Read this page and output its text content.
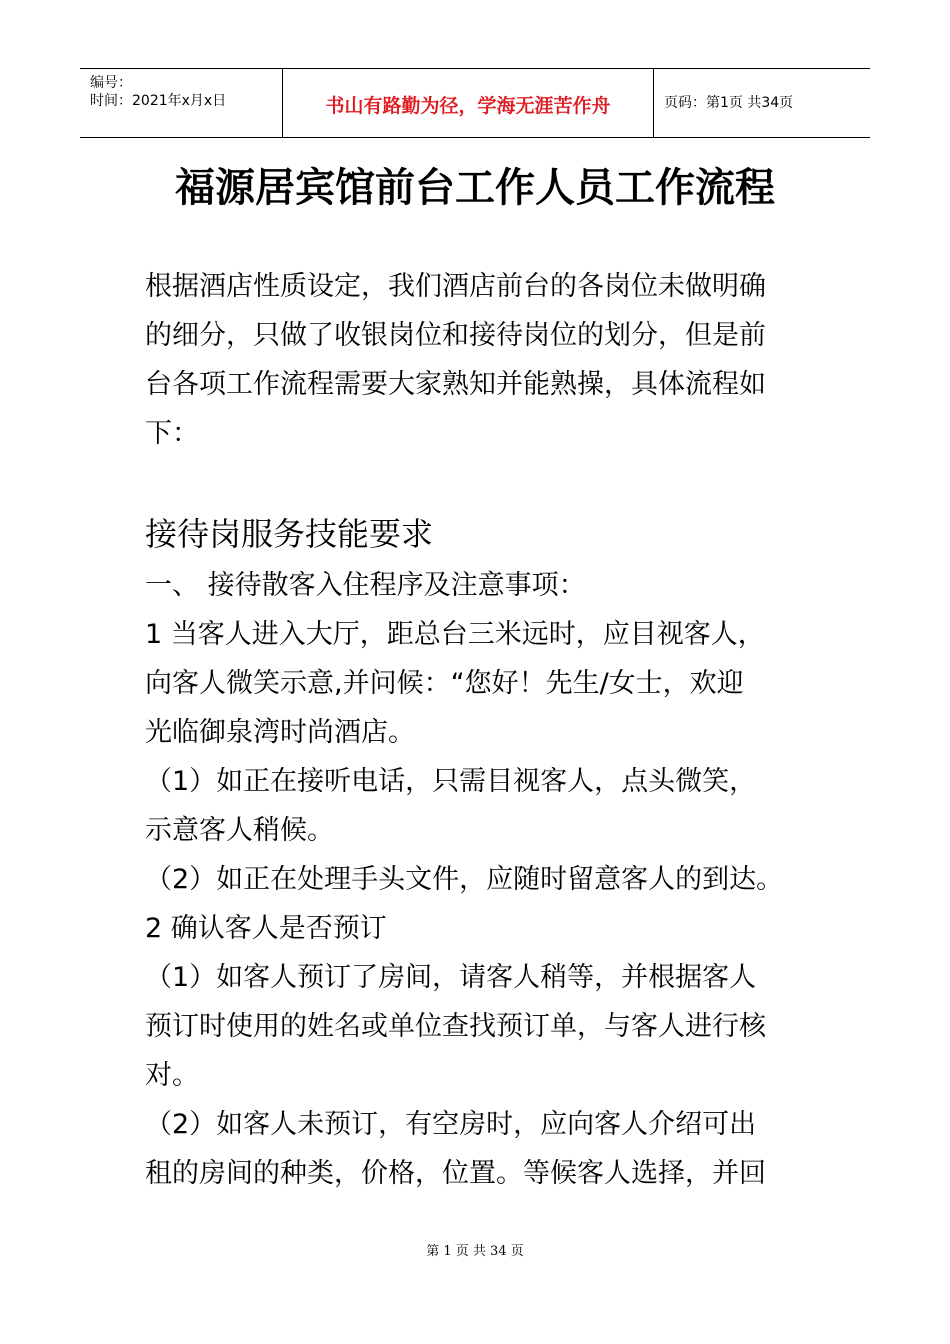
编号：
时间：2021年x月x日	书山有路勤为径，学海无涯苦作舟	页码：第1页 共34页
福源居宾馆前台工作人员工作流程
根据酒店性质设定，我们酒店前台的各岗位未做明确
的细分，只做了收银岗位和接待岗位的划分，但是前
台各项工作流程需要大家熟知并能熟操，具体流程如
下：
接待岗服务技能要求
一、 接待散客入住程序及注意事项：
1 当客人进入大厅，距总台三米远时，应目视客人，
向客人微笑示意,并问候：“您好！先生/女士，欢迎
光临御泉湾时尚酒店。
（1）如正在接听电话，只需目视客人，点头微笑，
示意客人稍候。
（2）如正在处理手头文件，应随时留意客人的到达。
2 确认客人是否预订
（1）如客人预订了房间，请客人稍等，并根据客人
预订时使用的姓名或单位查找预订单，与客人进行核
对。
（2）如客人未预订，有空房时，应向客人介绍可出
租的房间的种类，价格，位置。等候客人选择，并回
第 1 页 共 34 页
